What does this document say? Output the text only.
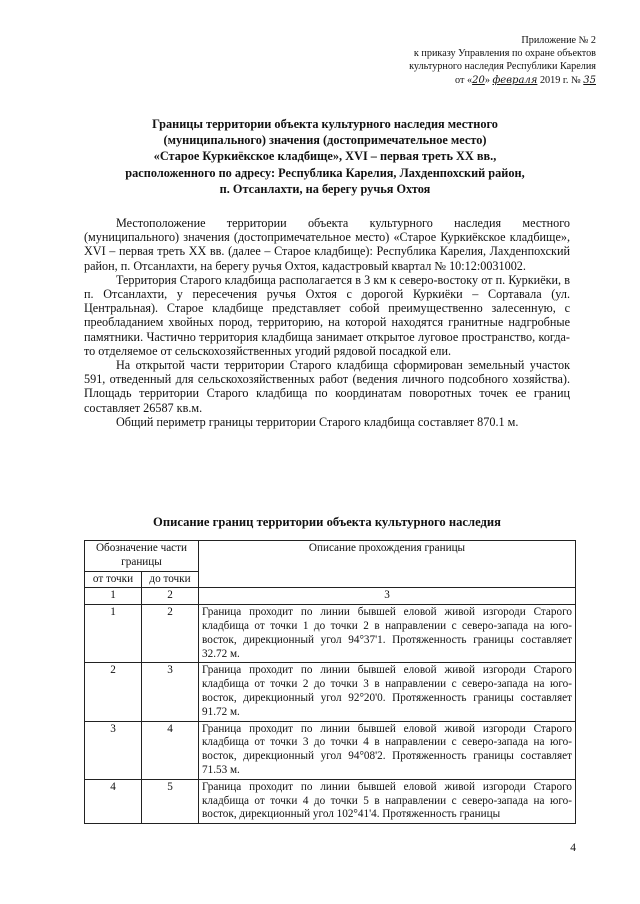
Приложение № 2
к приказу Управления по охране объектов
культурного наследия Республики Карелия
от «20» февраля 2019 г. № 35
Границы территории объекта культурного наследия местного
(муниципального) значения (достопримечательное место)
«Старое Куркиёкское кладбище», XVI – первая треть XX вв.,
расположенного по адресу: Республика Карелия, Лахденпохский район,
п. Отсанлахти, на берегу ручья Охтоя

Местоположение территории объекта культурного наследия местного (муниципального) значения (достопримечательное место) «Старое Куркиёкское кладбище», XVI – первая треть XX вв. (далее – Старое кладбище): Республика Карелия, Лахденпохский район, п. Отсанлахти, на берегу ручья Охтоя, кадастровый квартал № 10:12:0031002.

Территория Старого кладбища располагается в 3 км к северо-востоку от п. Куркиёки, в п. Отсанлахти, у пересечения ручья Охтоя с дорогой Куркиёки – Сортавала (ул. Центральная). Старое кладбище представляет собой преимущественно залесенную, с преобладанием хвойных пород, территорию, на которой находятся гранитные надгробные памятники. Частично территория кладбища занимает открытое луговое пространство, когда-то отделяемое от сельскохозяйственных угодий рядовой посадкой ели.

На открытой части территории Старого кладбища сформирован земельный участок 591, отведенный для сельскохозяйственных работ (ведения личного подсобного хозяйства). Площадь территории Старого кладбища по координатам поворотных точек ее границ составляет 26587 кв.м.

Общий периметр границы территории Старого кладбища составляет 870.1 м.

Описание границ территории объекта культурного наследия
Обозначение части границы		Описание прохождения границы
от точки	до точки	
1	2	3
1	2	Граница проходит по линии бывшей еловой живой изгороди Старого кладбища от точки 1 до точки 2 в направлении с северо-запада на юго-восток, дирекционный угол 94°37'1. Протяженность границы составляет 32.72 м.
2	3	Граница проходит по линии бывшей еловой живой изгороди Старого кладбища от точки 2 до точки 3 в направлении с северо-запада на юго-восток, дирекционный угол 92°20'0. Протяженность границы составляет 91.72 м.
3	4	Граница проходит по линии бывшей еловой живой изгороди Старого кладбища от точки 3 до точки 4 в направлении с северо-запада на юго-восток, дирекционный угол 94°08'2. Протяженность границы составляет 71.53 м.
4	5	Граница проходит по линии бывшей еловой живой изгороди Старого кладбища от точки 4 до точки 5 в направлении с северо-запада на юго-восток, дирекционный угол 102°41'4. Протяженность границы
4
